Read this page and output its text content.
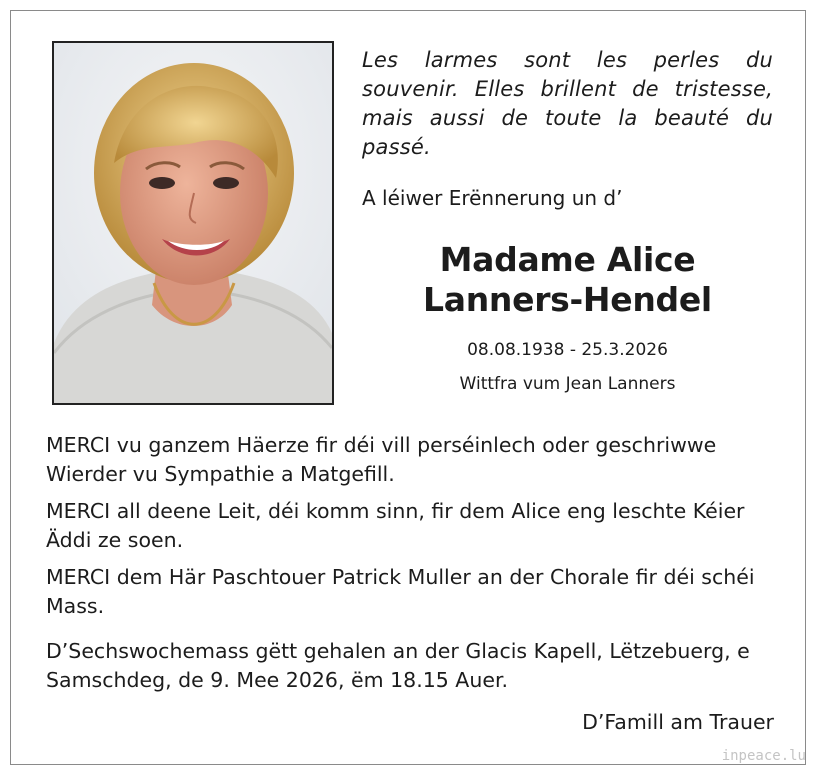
Les larmes sont les perles du souvenir. Elles brillent de tristesse, mais aussi de toute la beauté du passé.
A léiwer Erënnerung un d’
Madame Alice
Lanners-Hendel
08.08.1938 - 25.3.2026
Wittfra vum Jean Lanners
MERCI vu ganzem Häerze fir déi vill perséinlech oder geschriwwe Wierder vu Sympathie a Matgefill.
MERCI all deene Leit, déi komm sinn, fir dem Alice eng leschte Kéier Äddi ze soen.
MERCI dem Här Paschtouer Patrick Muller an der Chorale fir déi schéi Mass.
D’Sechswochemass gëtt gehalen an der Glacis Kapell, Lëtzebuerg, e Samschdeg, de 9. Mee 2026, ëm 18.15 Auer.
D’Famill am Trauer
inpeace.lu
